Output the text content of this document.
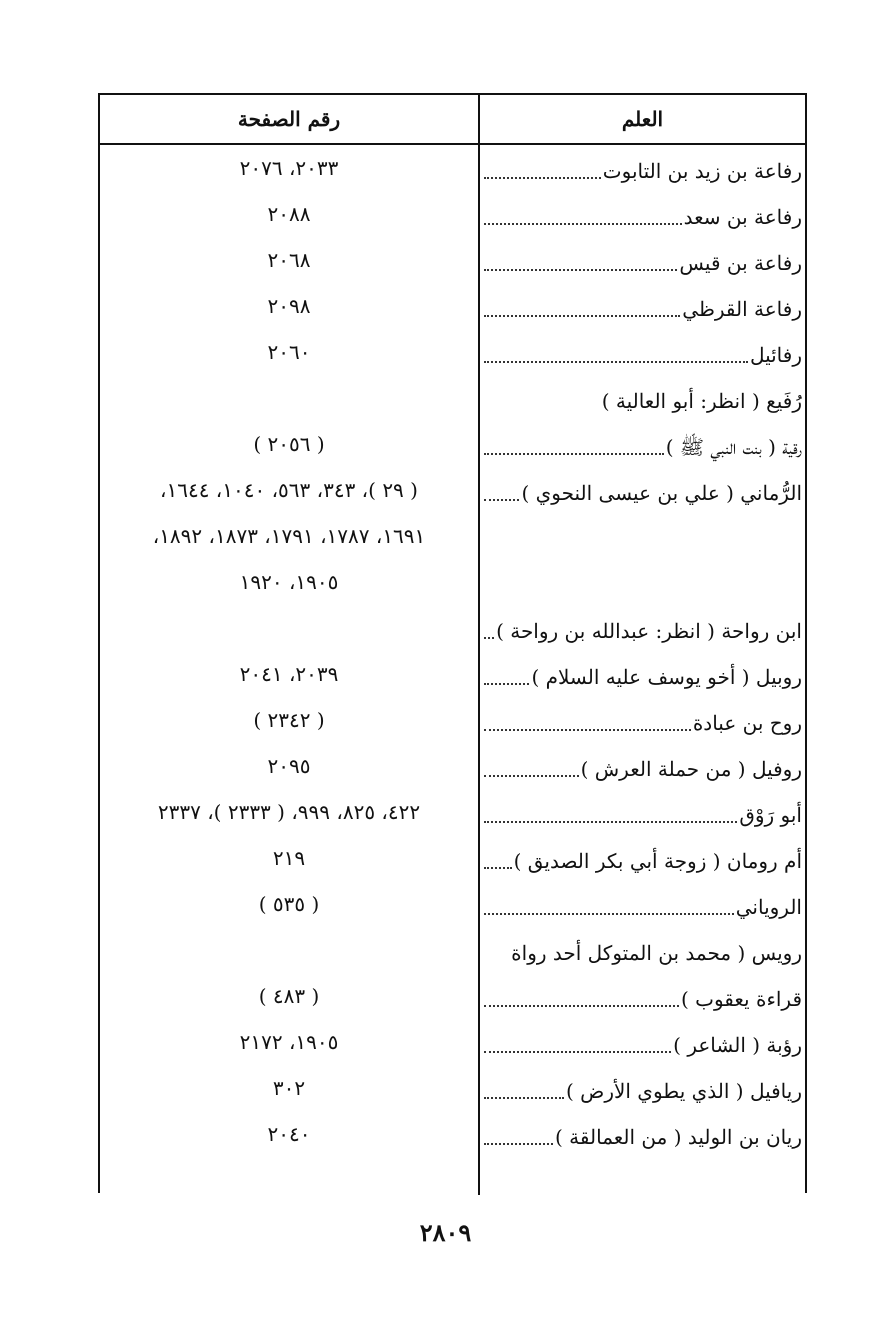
العلم
رقم الصفحة
رفاعة بن زيد بن التابوت
٢٠٣٣، ٢٠٧٦
رفاعة بن سعد
٢٠٨٨
رفاعة بن قيس
٢٠٦٨
رفاعة القرظي
٢٠٩٨
رفائيل
٢٠٦٠
رُفَيع ( انظر: أبو العالية )
رقية ( بنت النبي ﷺ )
( ٢٠٥٦ )
الرُّماني ( علي بن عيسى النحوي )
( ٢٩ )، ٣٤٣، ٥٦٣، ١٠٤٠، ١٦٤٤،
١٦٩١، ١٧٨٧، ١٧٩١، ١٨٧٣، ١٨٩٢،
١٩٠٥، ١٩٢٠
ابن رواحة ( انظر: عبدالله بن رواحة )
روبيل ( أخو يوسف عليه السلام )
٢٠٣٩، ٢٠٤١
روح بن عبادة
( ٢٣٤٢ )
روفيل ( من حملة العرش )
٢٠٩٥
أبو رَوْق
٤٢٢، ٨٢٥، ٩٩٩، ( ٢٣٣٣ )، ٢٣٣٧
أم رومان ( زوجة أبي بكر الصديق )
٢١٩
الروياني
( ٥٣٥ )
رويس ( محمد بن المتوكل أحد رواة
قراءة يعقوب )
( ٤٨٣ )
رؤبة ( الشاعر )
١٩٠٥، ٢١٧٢
ريافيل ( الذي يطوي الأرض )
٣٠٢
ريان بن الوليد ( من العمالقة )
٢٠٤٠
٢٨٠٩
